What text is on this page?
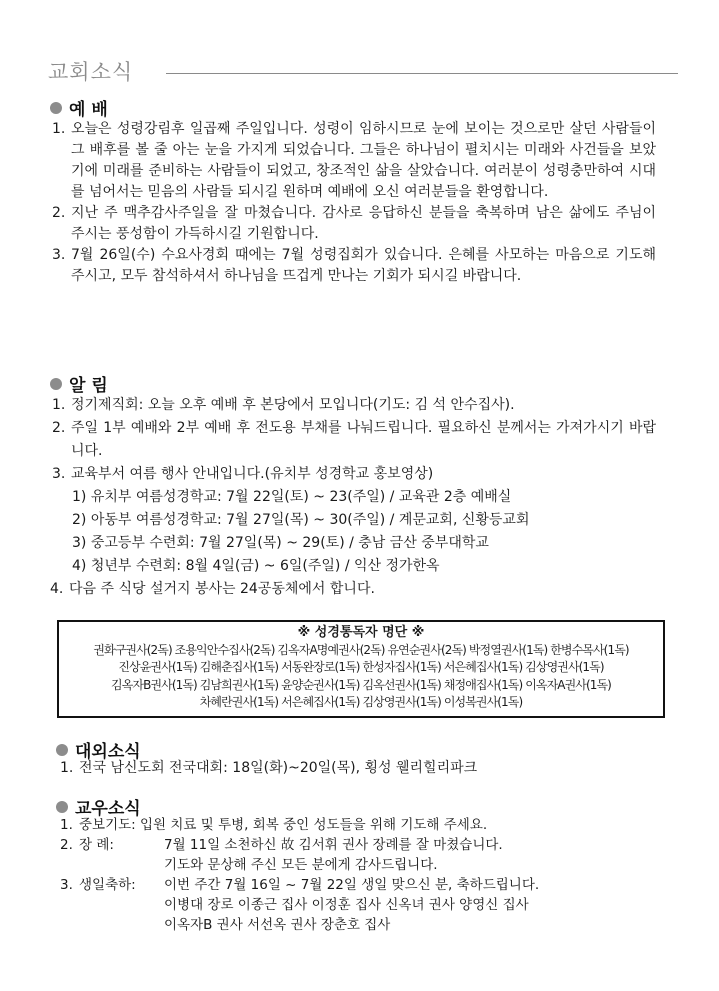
교회소식
예 배
1. 오늘은 성령강림후 일곱째 주일입니다. 성령이 임하시므로 눈에 보이는 것으로만 살던 사람들이 그 배후를 볼 줄 아는 눈을 가지게 되었습니다. 그들은 하나님이 펼치시는 미래와 사건들을 보았기에 미래를 준비하는 사람들이 되었고, 창조적인 삶을 살았습니다. 여러분이 성령충만하여 시대를 넘어서는 믿음의 사람들 되시길 원하며 예배에 오신 여러분들을 환영합니다.
2. 지난 주 맥추감사주일을 잘 마쳤습니다. 감사로 응답하신 분들을 축복하며 남은 삶에도 주님이 주시는 풍성함이 가득하시길 기원합니다.
3. 7월 26일(수) 수요사경회 때에는 7월 성령집회가 있습니다. 은혜를 사모하는 마음으로 기도해 주시고, 모두 참석하셔서 하나님을 뜨겁게 만나는 기회가 되시길 바랍니다.
알 림
1. 정기제직회: 오늘 오후 예배 후 본당에서 모입니다(기도: 김 석 안수집사).
2. 주일 1부 예배와 2부 예배 후 전도용 부채를 나눠드립니다. 필요하신 분께서는 가져가시기 바랍니다.
3. 교육부서 여름 행사 안내입니다.(유치부 성경학교 홍보영상)
1) 유치부 여름성경학교: 7월 22일(토) ~ 23(주일) / 교육관 2층 예배실
2) 아동부 여름성경학교: 7월 27일(목) ~ 30(주일) / 계문교회, 신황등교회
3) 중고등부 수련회: 7월 27일(목) ~ 29(토) / 충남 금산 중부대학교
4) 청년부 수련회: 8월 4일(금) ~ 6일(주일) / 익산 정가한옥
4. 다음 주 식당 설거지 봉사는 24공동체에서 합니다.
※ 성경통독자 명단 ※
권화구권사(2독) 조용익안수집사(2독) 김옥자A명예권사(2독) 유연순권사(2독) 박정열권사(1독) 한병수목사(1독)
진상윤권사(1독) 김해춘집사(1독) 서동완장로(1독) 한성자집사(1독) 서은혜집사(1독) 김상영권사(1독)
김옥자B권사(1독) 김남희권사(1독) 윤양순권사(1독) 김옥선권사(1독) 채정애집사(1독) 이옥자A권사(1독)
차혜란권사(1독) 서은혜집사(1독) 김상영권사(1독) 이성복권사(1독)
대외소식
1. 전국 남신도회 전국대회: 18일(화)~20일(목), 횡성 웰리힐리파크
교우소식
1. 중보기도: 입원 치료 및 투병, 회복 중인 성도들을 위해 기도해 주세요.
2. 장 례:	7월 11일 소천하신 故 김서휘 권사 장례를 잘 마쳤습니다.
기도와 문상해 주신 모든 분에게 감사드립니다.
3. 생일축하:	이번 주간 7월 16일 ~ 7월 22일 생일 맞으신 분, 축하드립니다.
이병대 장로 이종근 집사 이정훈 집사 신옥녀 권사 양영신 집사
이옥자B 권사 서선옥 권사 장춘호 집사
